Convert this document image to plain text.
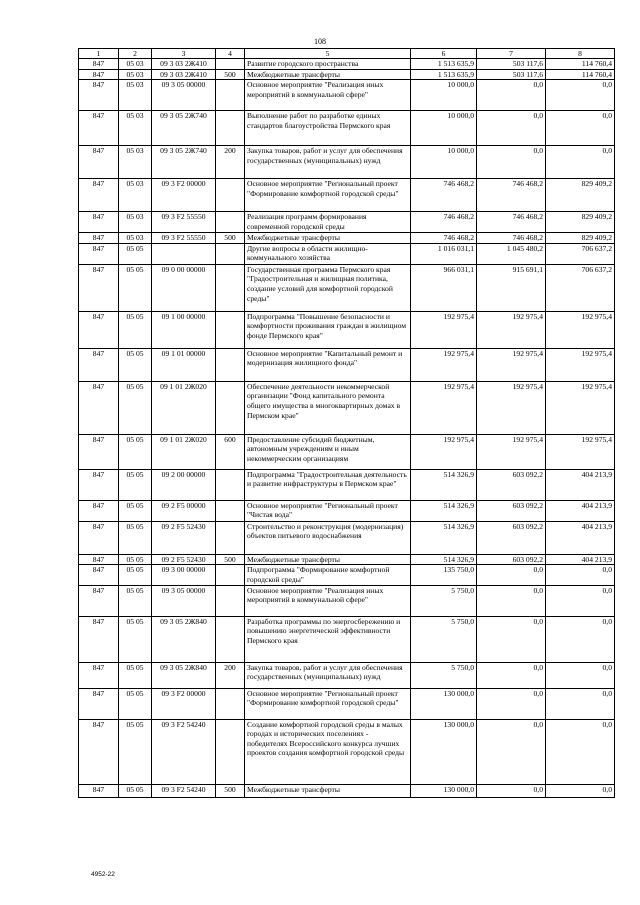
108
1	2	3	4	5	6	7	8
847	05 03	09 3 03 2Ж410		Развитие городского пространства	1 513 635,9	503 117,6	114 760,4
847	05 03	09 3 03 2Ж410	500	Межбюджетные трансферты	1 513 635,9	503 117,6	114 760,4
847	05 03	09 3 05 00000		Основное мероприятие "Реализация иных мероприятий в коммунальной сфере"	10 000,0	0,0	0,0
847	05 03	09 3 05 2Ж740		Выполнение работ по разработке единых стандартов благоустройства Пермского края	10 000,0	0,0	0,0
847	05 03	09 3 05 2Ж740	200	Закупка товаров, работ и услуг для обеспечения государственных (муниципальных) нужд	10 000,0	0,0	0,0
847	05 03	09 3 F2 00000		Основное мероприятие "Региональный проект "Формирование комфортной городской среды"	746 468,2	746 468,2	829 409,2
847	05 03	09 3 F2 55550		Реализация программ формирования современной городской среды	746 468,2	746 468,2	829 409,2
847	05 03	09 3 F2 55550	500	Межбюджетные трансферты	746 468,2	746 468,2	829 409,2
847	05 05			Другие вопросы в области жилищно-коммунального хозяйства	1 016 031,1	1 045 480,2	706 637,2
847	05 05	09 0 00 00000		Государственная программа Пермского края "Градостроительная и жилищная политика, создание условий для комфортной городской среды"	966 031,1	915 691,1	706 637,2
847	05 05	09 1 00 00000		Подпрограмма "Повышение безопасности и комфортности проживания граждан в жилищном фонде Пермского края"	192 975,4	192 975,4	192 975,4
847	05 05	09 1 01 00000		Основное мероприятие "Капитальный ремонт и модернизация жилищного фонда"	192 975,4	192 975,4	192 975,4
847	05 05	09 1 01 2Ж020		Обеспечение деятельности некоммерческой организации "Фонд капитального ремонта общего имущества в многоквартирных домах в Пермском крае"	192 975,4	192 975,4	192 975,4
847	05 05	09 1 01 2Ж020	600	Предоставление субсидий бюджетным, автономным учреждениям и иным некоммерческим организациям	192 975,4	192 975,4	192 975,4
847	05 05	09 2 00 00000		Подпрограмма "Градостроительная деятельность и развитие инфраструктуры в Пермском крае"	514 326,9	603 092,2	404 213,9
847	05 05	09 2 F5 00000		Основное мероприятие "Региональный проект "Чистая вода"	514 326,9	603 092,2	404 213,9
847	05 05	09 2 F5 52430		Строительство и реконструкция (модернизация) объектов питьевого водоснабжения	514 326,9	603 092,2	404 213,9
847	05 05	09 2 F5 52430	500	Межбюджетные трансферты	514 326,9	603 092,2	404 213,9
847	05 05	09 3 00 00000		Подпрограмма "Формирование комфортной городской среды"	135 750,0	0,0	0,0
847	05 05	09 3 05 00000		Основное мероприятие "Реализация иных мероприятий в коммунальной сфере"	5 750,0	0,0	0,0
847	05 05	09 3 05 2Ж840		Разработка программы по энергосбережению и повышению энергетической эффективности Пермского края	5 750,0	0,0	0,0
847	05 05	09 3 05 2Ж840	200	Закупка товаров, работ и услуг для обеспечения государственных (муниципальных) нужд	5 750,0	0,0	0,0
847	05 05	09 3 F2 00000		Основное мероприятие "Региональный проект "Формирование комфортной городской среды"	130 000,0	0,0	0,0
847	05 05	09 3 F2 54240		Создание комфортной городской среды в малых городах и исторических поселениях - победителях Всероссийского конкурса лучших проектов создания комфортной городской среды	130 000,0	0,0	0,0
847	05 05	09 3 F2 54240	500	Межбюджетные трансферты	130 000,0	0,0	0,0
4952-22
